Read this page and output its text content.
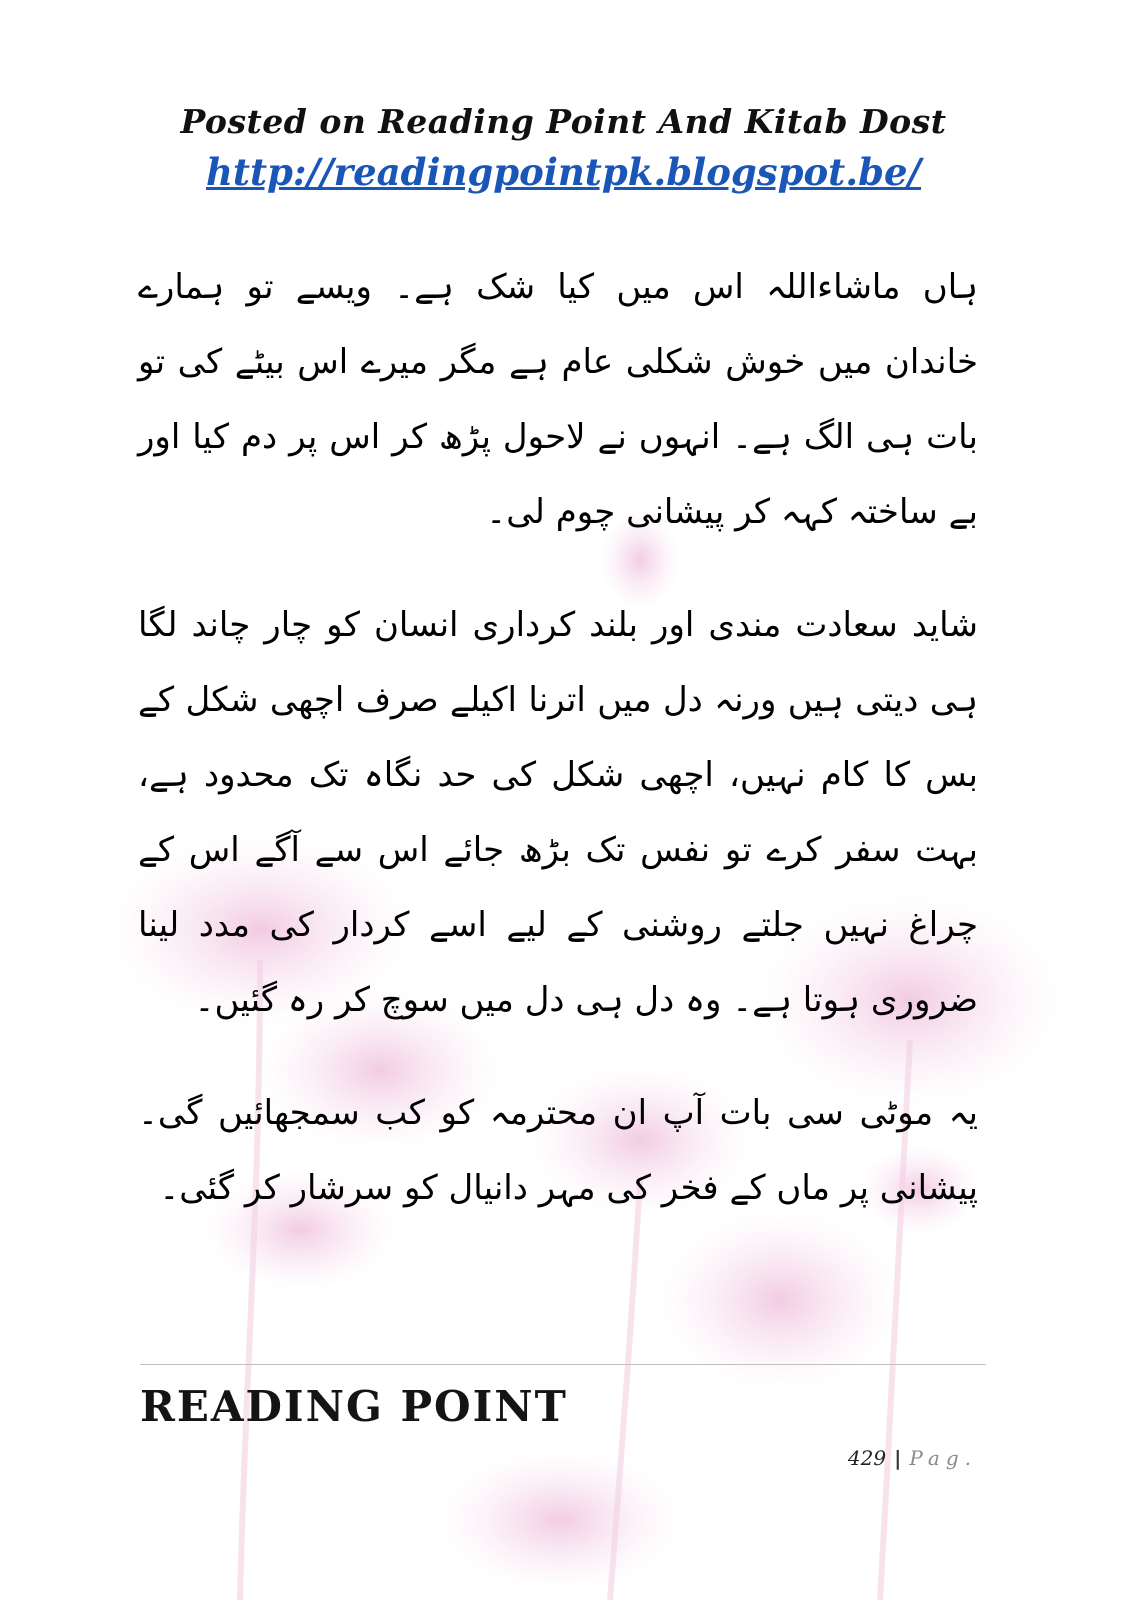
Posted on Reading Point And Kitab Dost
http://readingpointpk.blogspot.be/

ہاں ماشاءاللہ اس میں کیا شک ہے۔ ویسے تو ہمارے خاندان میں خوش شکلی عام ہے مگر میرے اس بیٹے کی تو بات ہی الگ ہے۔ انہوں نے لاحول پڑھ کر اس پر دم کیا اور بے ساختہ کہہ کر پیشانی چوم لی۔

شاید سعادت مندی اور بلند کرداری انسان کو چار چاند لگا ہی دیتی ہیں ورنہ دل میں اترنا اکیلے صرف اچھی شکل کے بس کا کام نہیں، اچھی شکل کی حد نگاہ تک محدود ہے، بہت سفر کرے تو نفس تک بڑھ جائے اس سے آگے اس کے چراغ نہیں جلتے روشنی کے لیے اسے کردار کی مدد لینا ضروری ہوتا ہے۔ وہ دل ہی دل میں سوچ کر رہ گئیں۔

یہ موٹی سی بات آپ ان محترمہ کو کب سمجھائیں گی۔ پیشانی پر ماں کے فخر کی مہر دانیال کو سرشار کر گئی۔

READING POINT
429 | Pag.
